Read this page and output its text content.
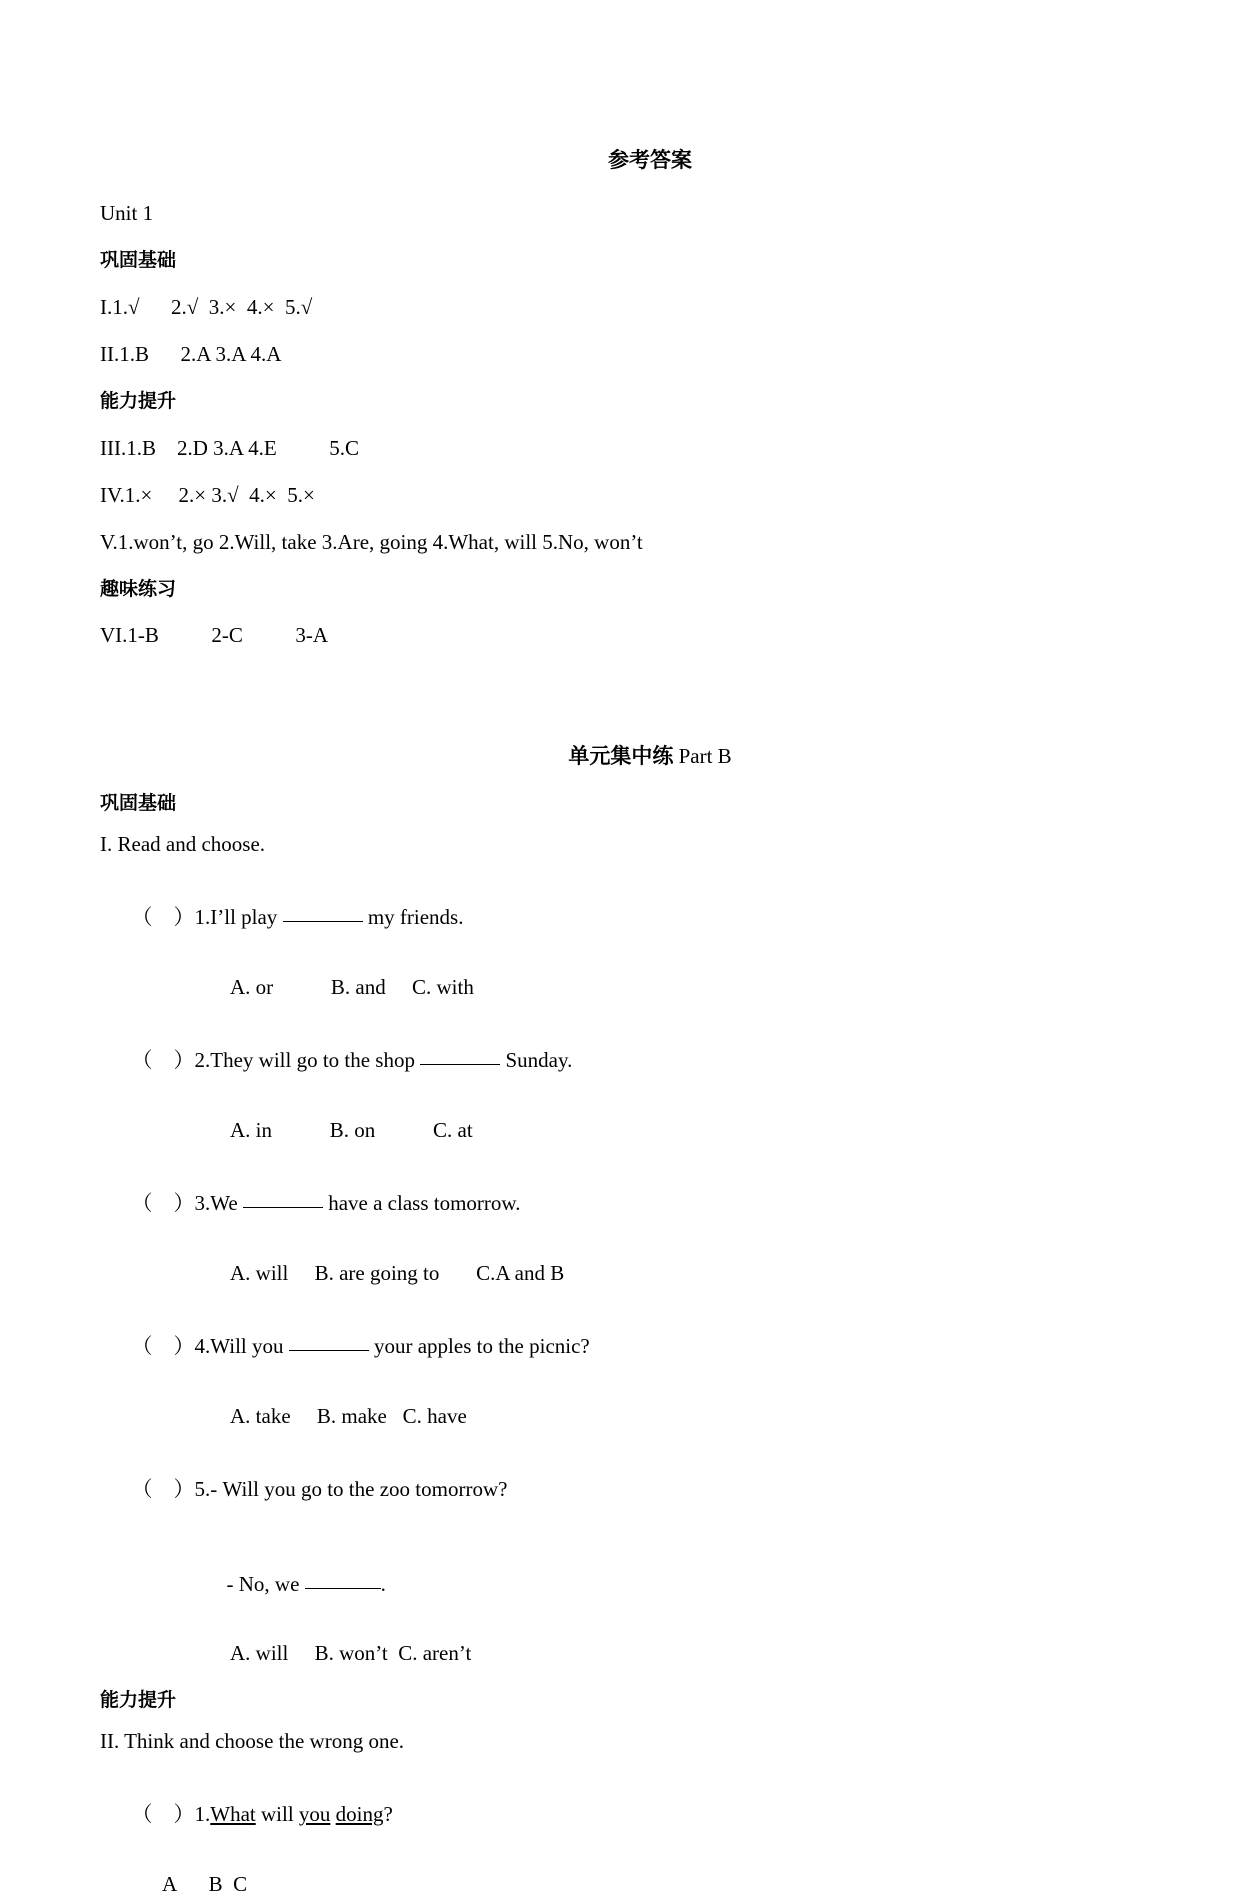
参考答案
Unit 1
巩固基础
I.1.√  2.√  3.×  4.×  5.√
II.1.B  2.A 3.A 4.A
能力提升
III.1.B  2.D 3.A 4.E   5.C
IV.1.×  2.× 3.√  4.×  5.×
V.1.won’t, go 2.Will, take 3.Are, going 4.What, will 5.No, won’t
趣味练习
VI.1-B   2-C   3-A
单元集中练 Part B
巩固基础
I. Read and choose.

（　）1.I’ll play	my friends.

A. or    B. and   C. with

（　）2.They will go to the shop	Sunday.

A. in    B. on    C. at

（　）3.We	have a class tomorrow.

A. will   B. are going to   C.A and B

（　）4.Will you	your apples to the picnic?

A. take   B. make  C. have

（　）5.- Will you go to the zoo tomorrow?

- No, we	.

A. will   B. won’t C. aren’t
能力提升
II. Think and choose the wrong one.

（　）1.What will you doing?

A  B  C
